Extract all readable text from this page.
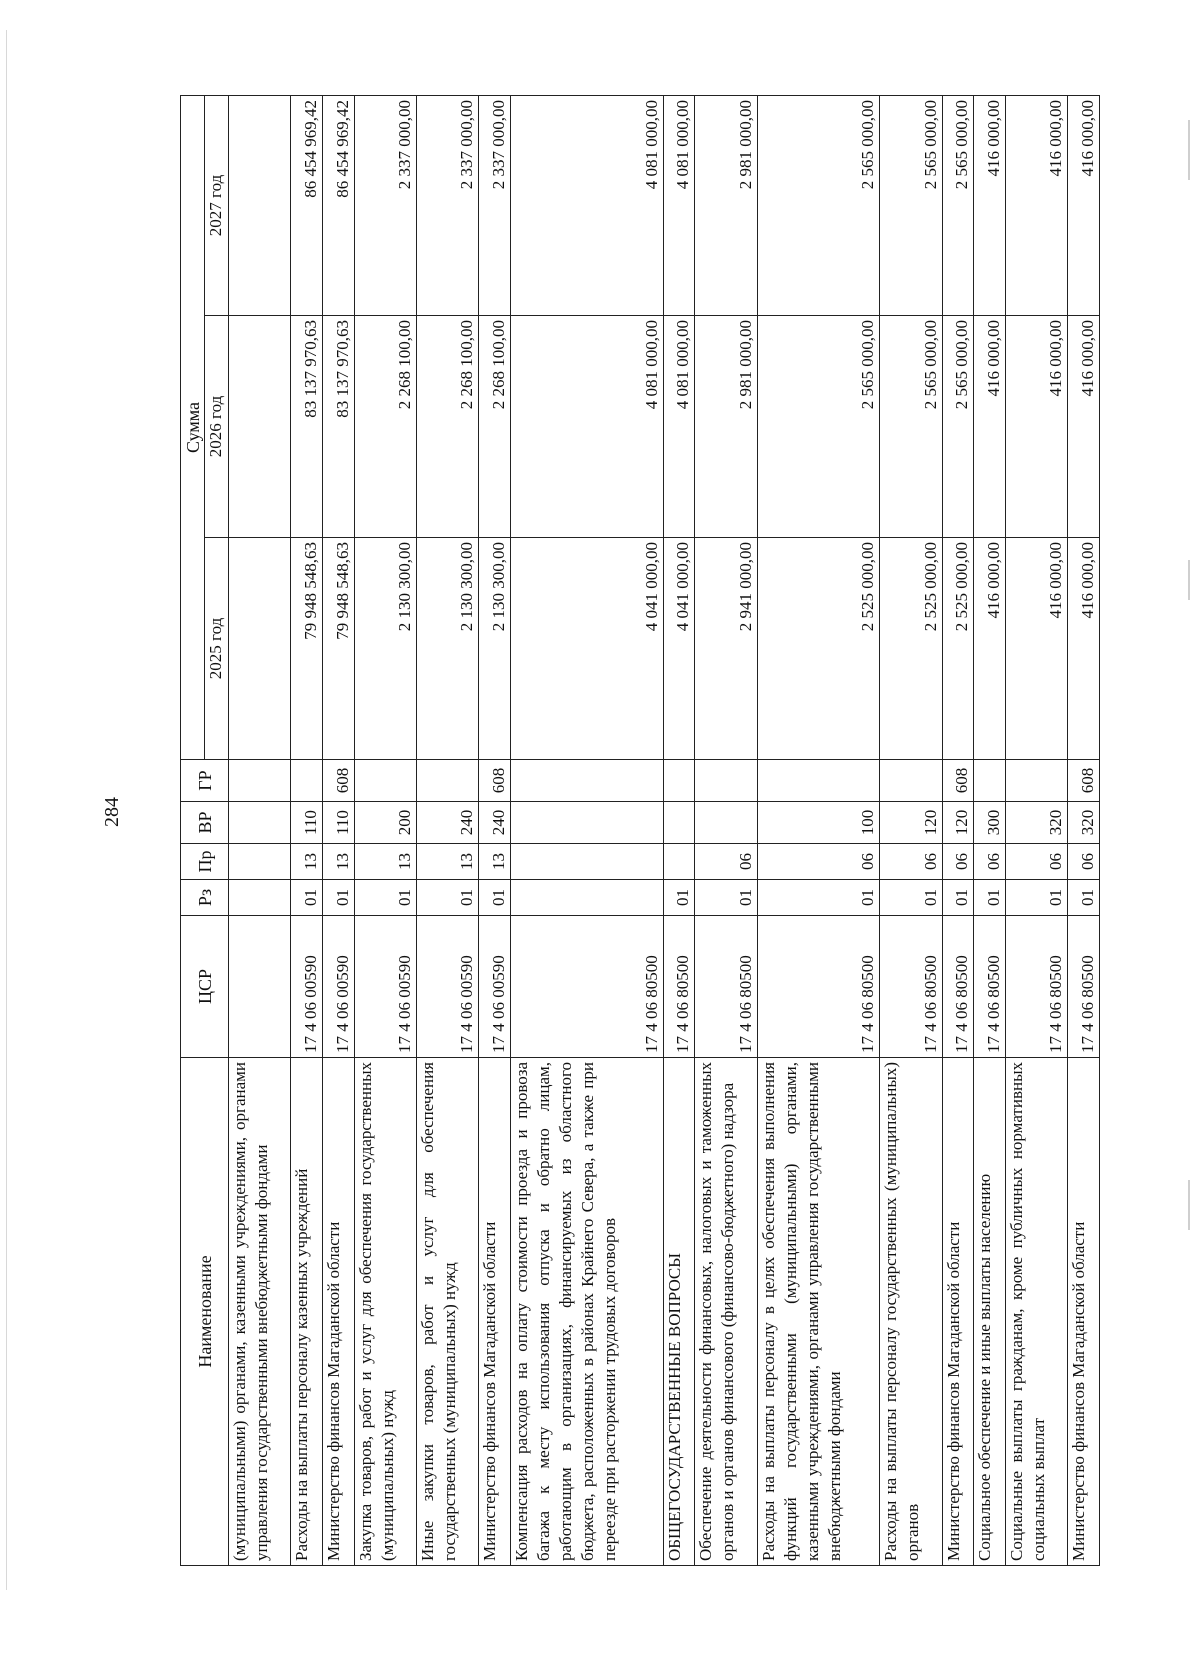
284
Наименование	ЦСР	Рз	Пр	ВР	ГР	Сумма		
						2025 год	2026 год	2027 год
(муниципальными) органами, казенными учреждениями, органами управления государственными внебюджетными фондами								
Расходы на выплаты персоналу казенных учреждений	17 4 06 00590	01	13	110		79 948 548,63	83 137 970,63	86 454 969,42
Министерство финансов Магаданской области	17 4 06 00590	01	13	110	608	79 948 548,63	83 137 970,63	86 454 969,42
Закупка товаров, работ и услуг для обеспечения государственных (муниципальных) нужд	17 4 06 00590	01	13	200		2 130 300,00	2 268 100,00	2 337 000,00
Иные закупки товаров, работ и услуг для обеспечения государственных (муниципальных) нужд	17 4 06 00590	01	13	240		2 130 300,00	2 268 100,00	2 337 000,00
Министерство финансов Магаданской области	17 4 06 00590	01	13	240	608	2 130 300,00	2 268 100,00	2 337 000,00
Компенсация расходов на оплату стоимости проезда и провоза багажа к месту использования отпуска и обратно лицам, работающим в организациях, финансируемых из областного бюджета, расположенных в районах Крайнего Севера, а также при переезде при расторжении трудовых договоров	17 4 06 80500					4 041 000,00	4 081 000,00	4 081 000,00
ОБЩЕГОСУДАРСТВЕННЫЕ ВОПРОСЫ	17 4 06 80500	01				4 041 000,00	4 081 000,00	4 081 000,00
Обеспечение деятельности финансовых, налоговых и таможенных органов и органов финансового (финансово-бюджетного) надзора	17 4 06 80500	01	06			2 941 000,00	2 981 000,00	2 981 000,00
Расходы на выплаты персоналу в целях обеспечения выполнения функций государственными (муниципальными) органами, казенными учреждениями, органами управления государственными внебюджетными фондами	17 4 06 80500	01	06	100		2 525 000,00	2 565 000,00	2 565 000,00
Расходы на выплаты персоналу государственных (муниципальных) органов	17 4 06 80500	01	06	120		2 525 000,00	2 565 000,00	2 565 000,00
Министерство финансов Магаданской области	17 4 06 80500	01	06	120	608	2 525 000,00	2 565 000,00	2 565 000,00
Социальное обеспечение и иные выплаты населению	17 4 06 80500	01	06	300		416 000,00	416 000,00	416 000,00
Социальные выплаты гражданам, кроме публичных нормативных социальных выплат	17 4 06 80500	01	06	320		416 000,00	416 000,00	416 000,00
Министерство финансов Магаданской области	17 4 06 80500	01	06	320	608	416 000,00	416 000,00	416 000,00
